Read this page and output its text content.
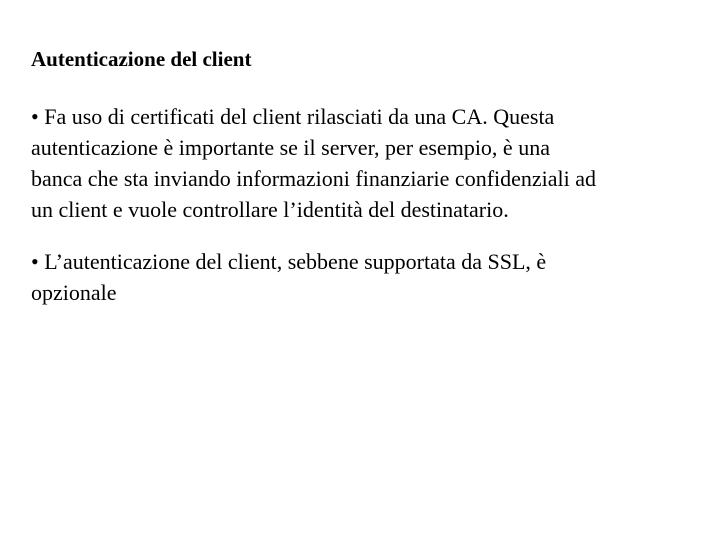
Autenticazione del client
• Fa uso di certificati del client rilasciati da una CA. Questa
autenticazione è importante se il server, per esempio, è una
banca che sta inviando informazioni finanziarie confidenziali ad
un client e vuole controllare l’identità del destinatario.
• L’autenticazione del client, sebbene supportata da SSL, è
opzionale
